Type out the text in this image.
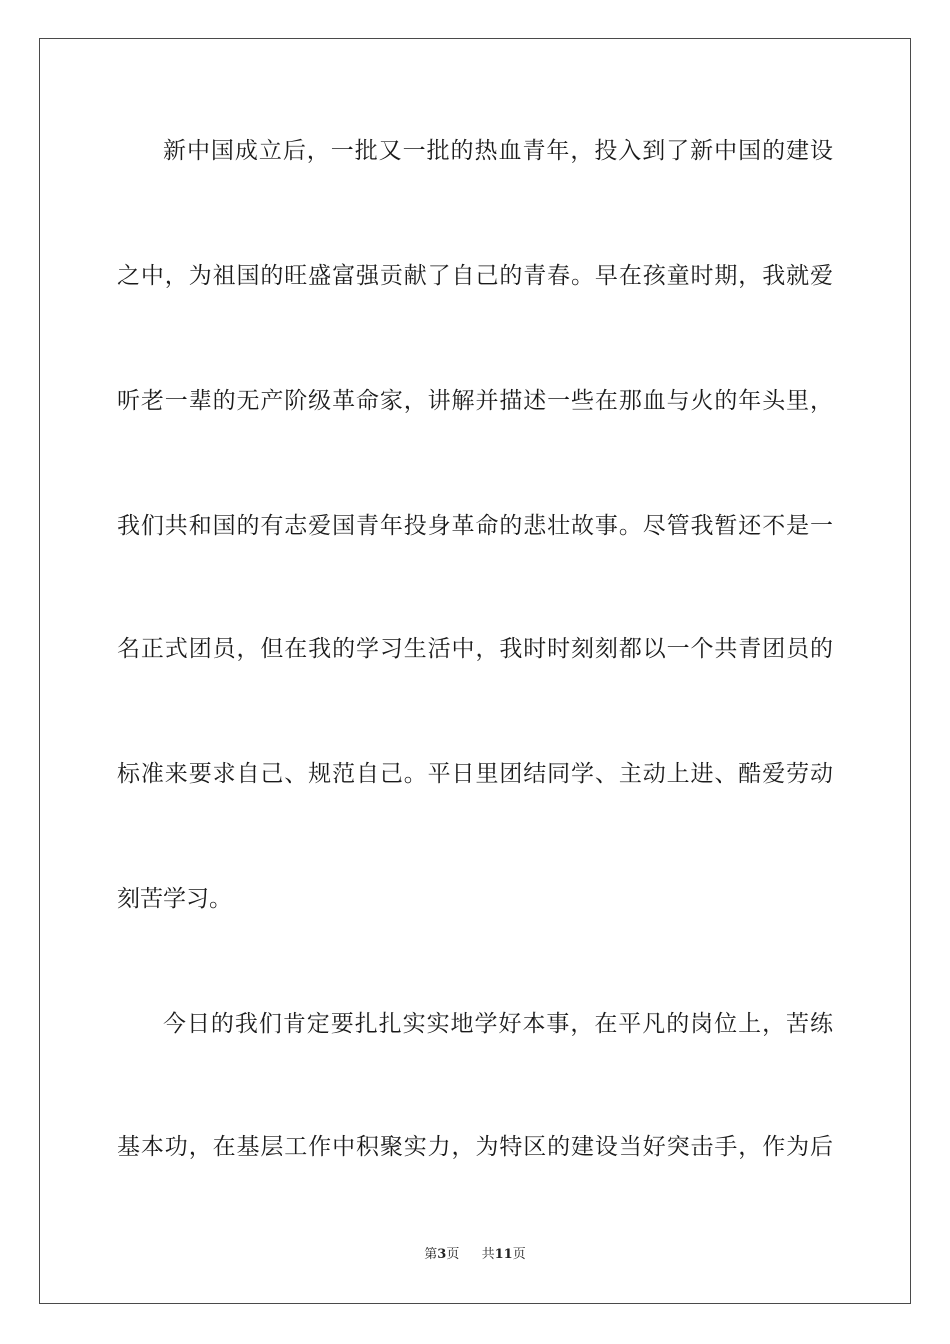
新中国成立后，一批又一批的热血青年，投入到了新中国的建设
之中，为祖国的旺盛富强贡献了自己的青春。早在孩童时期，我就爱
听老一辈的无产阶级革命家，讲解并描述一些在那血与火的年头里，
我们共和国的有志爱国青年投身革命的悲壮故事。尽管我暂还不是一
名正式团员，但在我的学习生活中，我时时刻刻都以一个共青团员的
标准来要求自己、规范自己。平日里团结同学、主动上进、酷爱劳动
刻苦学习。
今日的我们肯定要扎扎实实地学好本事，在平凡的岗位上，苦练
基本功，在基层工作中积聚实力，为特区的建设当好突击手，作为后
第3页 共11页
